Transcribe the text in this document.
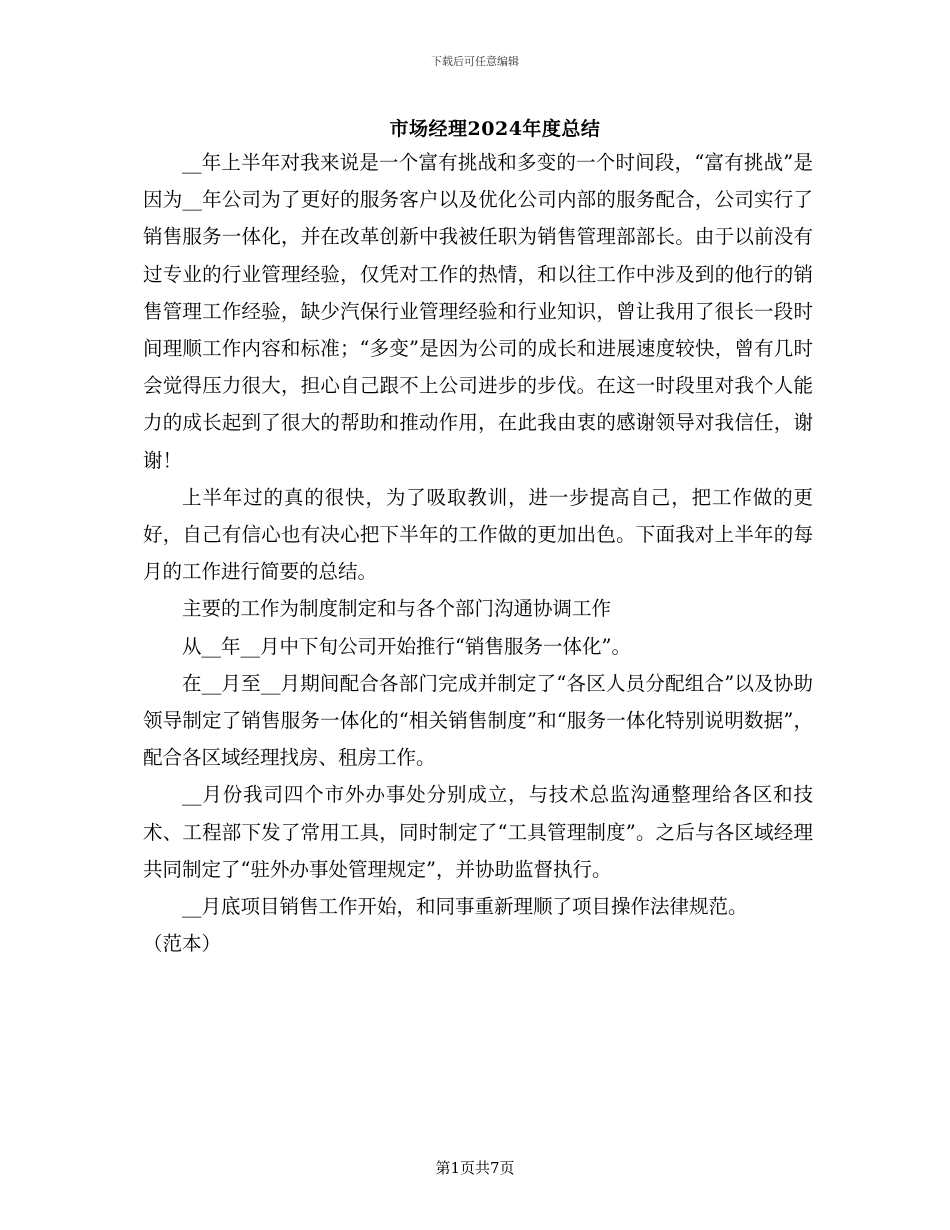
下载后可任意编辑
市场经理2024年度总结

__年上半年对我来说是一个富有挑战和多变的一个时间段，“富有挑战”是因为__年公司为了更好的服务客户以及优化公司内部的服务配合，公司实行了销售服务一体化，并在改革创新中我被任职为销售管理部部长。由于以前没有过专业的行业管理经验，仅凭对工作的热情，和以往工作中涉及到的他行的销售管理工作经验，缺少汽保行业管理经验和行业知识，曾让我用了很长一段时间理顺工作内容和标准；“多变”是因为公司的成长和进展速度较快，曾有几时会觉得压力很大，担心自己跟不上公司进步的步伐。在这一时段里对我个人能力的成长起到了很大的帮助和推动作用，在此我由衷的感谢领导对我信任，谢谢！

上半年过的真的很快，为了吸取教训，进一步提高自己，把工作做的更好，自己有信心也有决心把下半年的工作做的更加出色。下面我对上半年的每月的工作进行简要的总结。

主要的工作为制度制定和与各个部门沟通协调工作

从__年__月中下旬公司开始推行“销售服务一体化”。

在__月至__月期间配合各部门完成并制定了“各区人员分配组合”以及协助领导制定了销售服务一体化的“相关销售制度”和“服务一体化特别说明数据”，配合各区域经理找房、租房工作。

__月份我司四个市外办事处分别成立，与技术总监沟通整理给各区和技术、工程部下发了常用工具，同时制定了“工具管理制度”。之后与各区域经理共同制定了“驻外办事处管理规定”，并协助监督执行。

__月底项目销售工作开始，和同事重新理顺了项目操作法律规范。

（范本）

第1页共7页
